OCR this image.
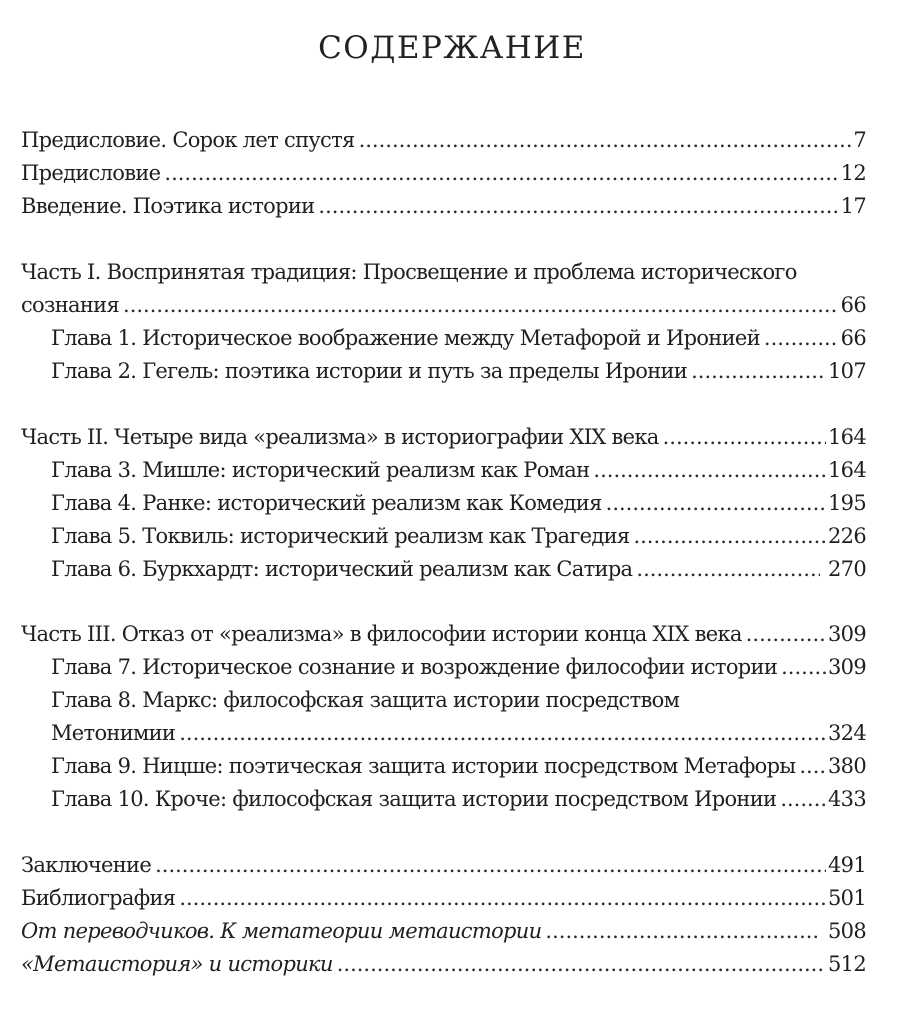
СОДЕРЖАНИЕ
Предисловие. Сорок лет спустя .....	7
Предисловие .....	12
Введение. Поэтика истории .....	17
Часть I. Воспринятая традиция: Просвещение и проблема исторического
сознания .....	66
Глава 1. Историческое воображение между Метафорой и Иронией .....	66
Глава 2. Гегель: поэтика истории и путь за пределы Иронии .....	107
Часть II. Четыре вида «реализма» в историографии XIX века .....	164
Глава 3. Мишле: исторический реализм как Роман .....	164
Глава 4. Ранке: исторический реализм как Комедия .....	195
Глава 5. Токвиль: исторический реализм как Трагедия .....	226
Глава 6. Буркхардт: исторический реализм как Сатира .....	270
Часть III. Отказ от «реализма» в философии истории конца XIX века .....	309
Глава 7. Историческое сознание и возрождение философии истории ..... 309
Глава 8. Маркс: философская защита истории посредством
Метонимии .....	324
Глава 9. Ницше: поэтическая защита истории посредством Метафоры ..... 380
Глава 10. Кроче: философская защита истории посредством Иронии ..... 433
Заключение .....	491
Библиография .....	501
От переводчиков. К метатеории метаистории .....	508
«Метаистория» и историки .....	512
